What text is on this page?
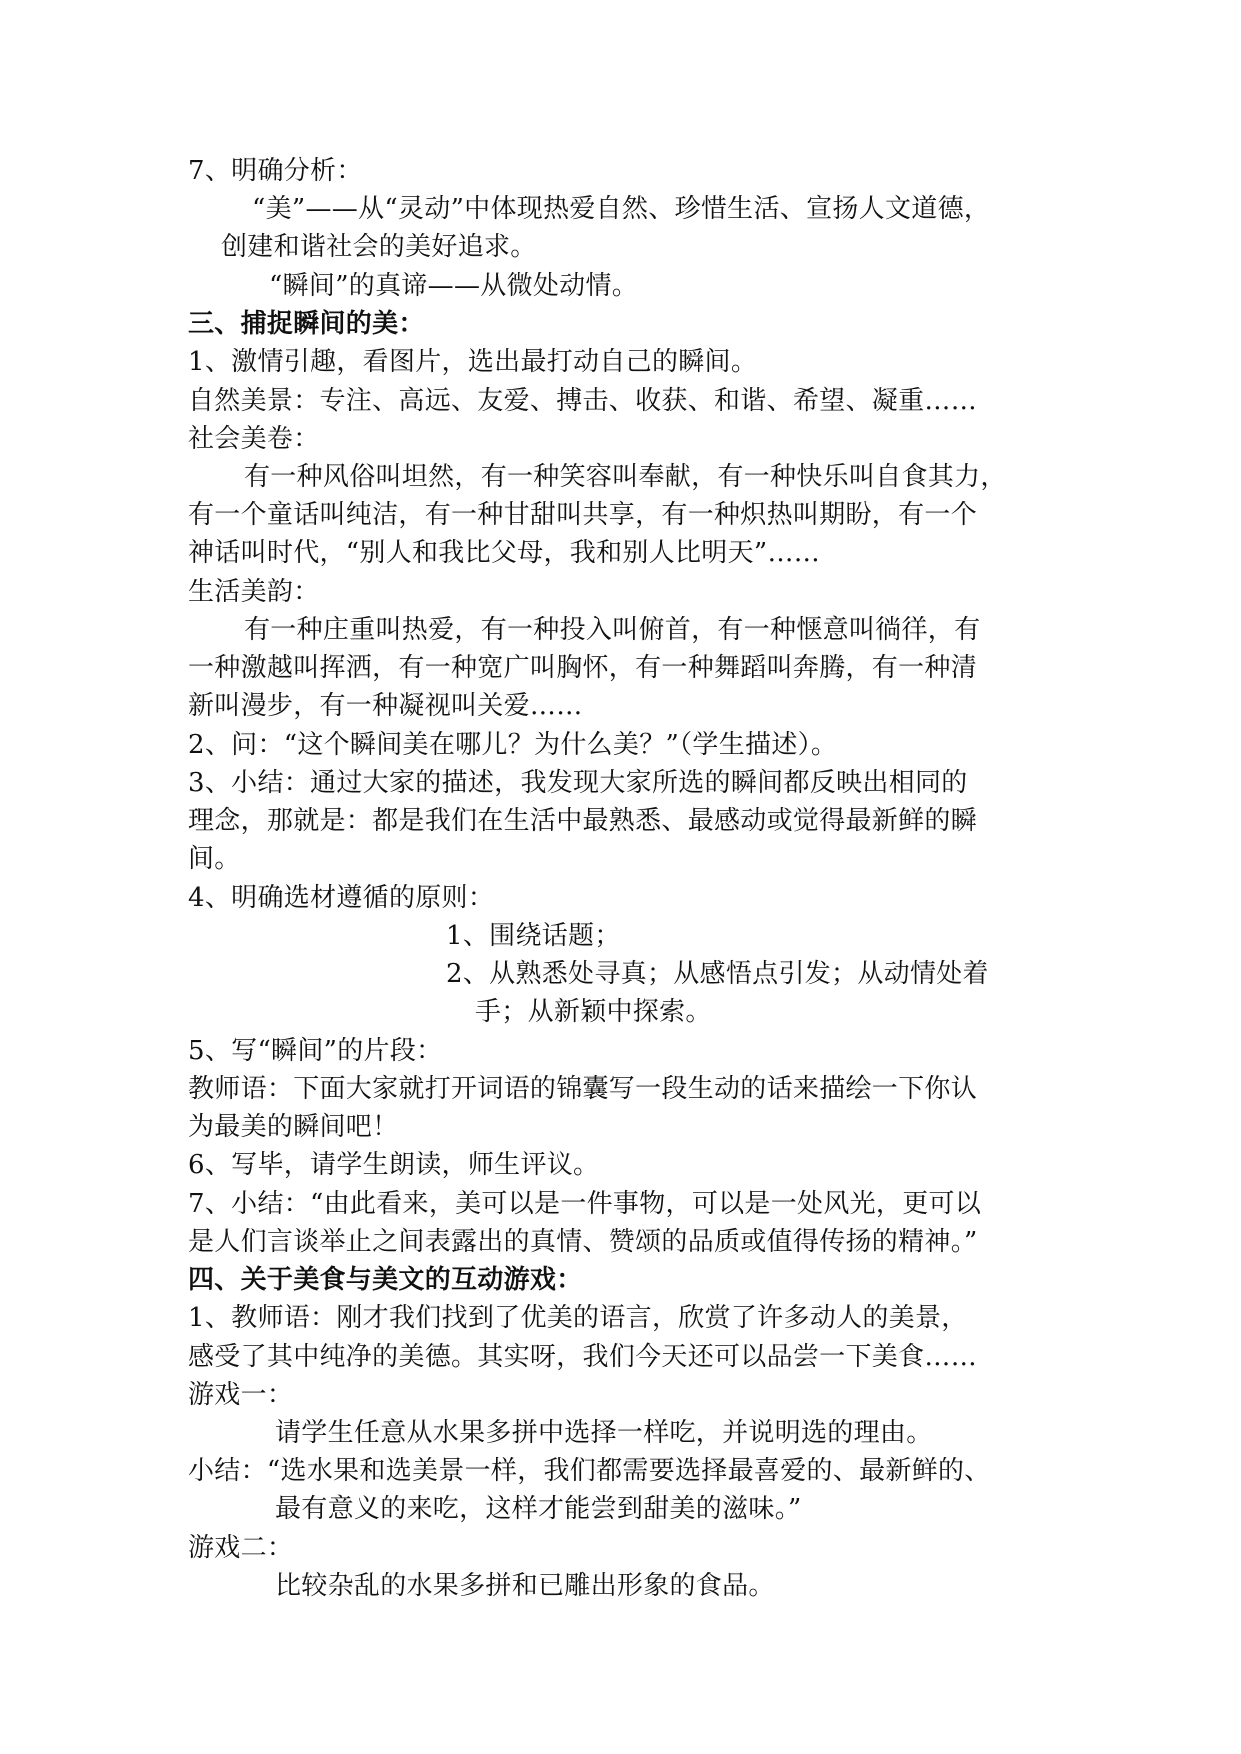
7、明确分析：
“美”——从“灵动”中体现热爱自然、珍惜生活、宣扬人文道德，
创建和谐社会的美好追求。
“瞬间”的真谛——从微处动情。
三、捕捉瞬间的美：
1、激情引趣，看图片，选出最打动自己的瞬间。
自然美景：专注、高远、友爱、搏击、收获、和谐、希望、凝重……
社会美卷：
有一种风俗叫坦然，有一种笑容叫奉献，有一种快乐叫自食其力，
有一个童话叫纯洁，有一种甘甜叫共享，有一种炽热叫期盼，有一个
神话叫时代，“别人和我比父母，我和别人比明天”……
生活美韵：
有一种庄重叫热爱，有一种投入叫俯首，有一种惬意叫徜徉，有
一种激越叫挥洒，有一种宽广叫胸怀，有一种舞蹈叫奔腾，有一种清
新叫漫步，有一种凝视叫关爱……
2、问：“这个瞬间美在哪儿？为什么美？”（学生描述）。
3、小结：通过大家的描述，我发现大家所选的瞬间都反映出相同的
理念，那就是：都是我们在生活中最熟悉、最感动或觉得最新鲜的瞬
间。
4、明确选材遵循的原则：
1、围绕话题；
2、从熟悉处寻真；从感悟点引发；从动情处着
手；从新颖中探索。
5、写“瞬间”的片段：
教师语：下面大家就打开词语的锦囊写一段生动的话来描绘一下你认
为最美的瞬间吧！
6、写毕，请学生朗读，师生评议。
7、小结：“由此看来，美可以是一件事物，可以是一处风光，更可以
是人们言谈举止之间表露出的真情、赞颂的品质或值得传扬的精神。”
四、关于美食与美文的互动游戏：
1、教师语：刚才我们找到了优美的语言，欣赏了许多动人的美景，
感受了其中纯净的美德。其实呀，我们今天还可以品尝一下美食……
游戏一：
请学生任意从水果多拼中选择一样吃，并说明选的理由。
小结：“选水果和选美景一样，我们都需要选择最喜爱的、最新鲜的、
最有意义的来吃，这样才能尝到甜美的滋味。”
游戏二：
比较杂乱的水果多拼和已雕出形象的食品。
